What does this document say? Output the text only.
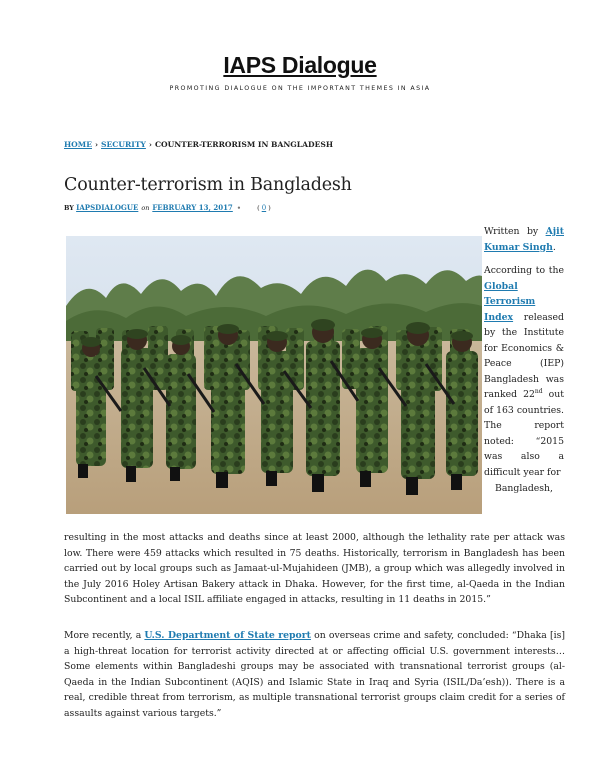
IAPS Dialogue
PROMOTING DIALOGUE ON THE IMPORTANT THEMES IN ASIA
HOME › SECURITY › COUNTER-TERRORISM IN BANGLADESH
Counter-terrorism in Bangladesh
BY IAPSDIALOGUE on FEBRUARY 13, 2017 •	( 0 )

Written by Ajit Kumar Singh.

According to the Global Terrorism Index released by the Institute for Economics & Peace (IEP) Bangladesh was ranked 22nd out of 163 countries. The report noted: “2015 was also a difficult year for

Bangladesh,
resulting in the most attacks and deaths since at least 2000, although the lethality rate per attack was low. There were 459 attacks which resulted in 75 deaths. Historically, terrorism in Bangladesh has been carried out by local groups such as Jamaat-ul-Mujahideen (JMB), a group which was allegedly involved in the July 2016 Holey Artisan Bakery attack in Dhaka. However, for the first time, al-Qaeda in the Indian Subcontinent and a local ISIL affiliate engaged in attacks, resulting in 11 deaths in 2015.”
More recently, a U.S. Department of State report on overseas crime and safety, concluded: “Dhaka [is] a high-threat location for terrorist activity directed at or affecting official U.S. government interests… Some elements within Bangladeshi groups may be associated with transnational terrorist groups (al-Qaeda in the Indian Subcontinent (AQIS) and Islamic State in Iraq and Syria (ISIL/Da’esh)). There is a real, credible threat from terrorism, as multiple transnational terrorist groups claim credit for a series of assaults against various targets.”
